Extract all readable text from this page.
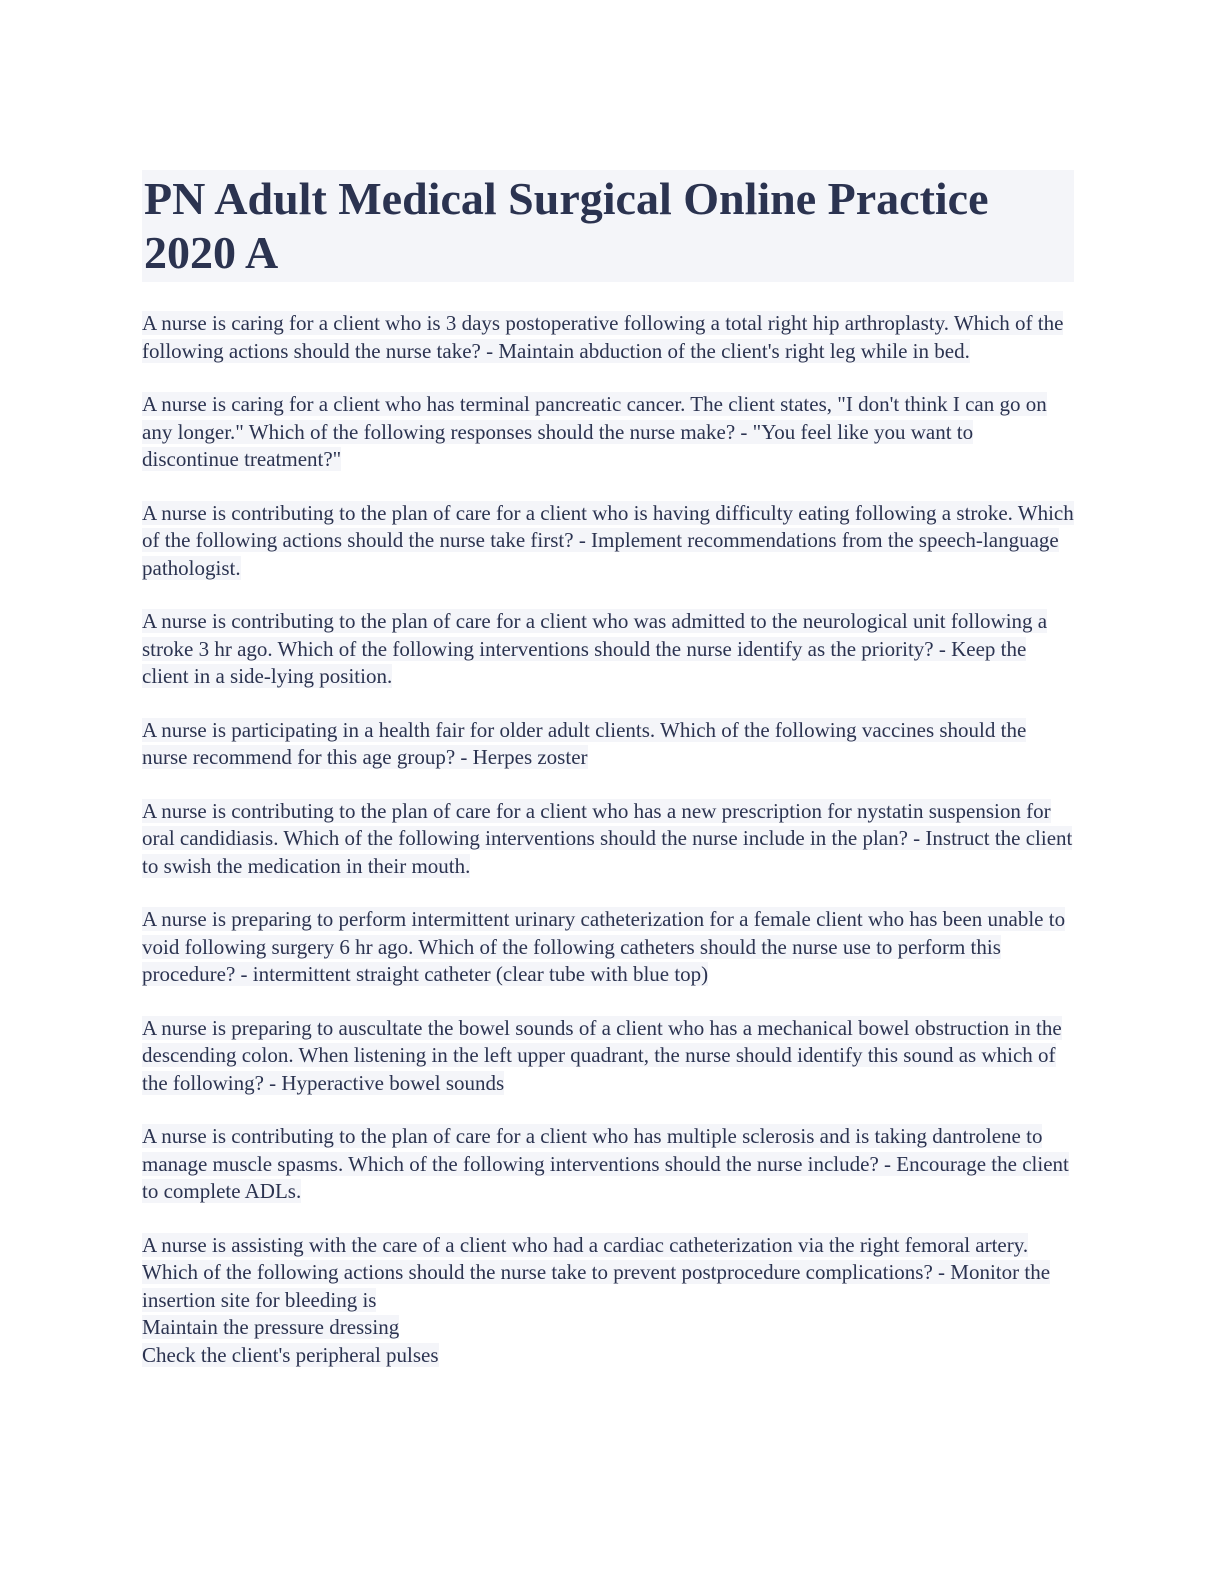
PN Adult Medical Surgical Online Practice 2020 A

A nurse is caring for a client who is 3 days postoperative following a total right hip arthroplasty. Which of the following actions should the nurse take? - Maintain abduction of the client's right leg while in bed.

A nurse is caring for a client who has terminal pancreatic cancer. The client states, "I don't think I can go on any longer." Which of the following responses should the nurse make? - "You feel like you want to discontinue treatment?"

A nurse is contributing to the plan of care for a client who is having difficulty eating following a stroke. Which of the following actions should the nurse take first? - Implement recommendations from the speech-language pathologist.

A nurse is contributing to the plan of care for a client who was admitted to the neurological unit following a stroke 3 hr ago. Which of the following interventions should the nurse identify as the priority? - Keep the client in a side-lying position.

A nurse is participating in a health fair for older adult clients. Which of the following vaccines should the nurse recommend for this age group? - Herpes zoster

A nurse is contributing to the plan of care for a client who has a new prescription for nystatin suspension for oral candidiasis. Which of the following interventions should the nurse include in the plan? - Instruct the client to swish the medication in their mouth.

A nurse is preparing to perform intermittent urinary catheterization for a female client who has been unable to void following surgery 6 hr ago. Which of the following catheters should the nurse use to perform this procedure? - intermittent straight catheter (clear tube with blue top)

A nurse is preparing to auscultate the bowel sounds of a client who has a mechanical bowel obstruction in the descending colon. When listening in the left upper quadrant, the nurse should identify this sound as which of the following? - Hyperactive bowel sounds

A nurse is contributing to the plan of care for a client who has multiple sclerosis and is taking dantrolene to manage muscle spasms. Which of the following interventions should the nurse include? - Encourage the client to complete ADLs.

A nurse is assisting with the care of a client who had a cardiac catheterization via the right femoral artery. Which of the following actions should the nurse take to prevent postprocedure complications? - Monitor the insertion site for bleeding is
Maintain the pressure dressing
Check the client's peripheral pulses
